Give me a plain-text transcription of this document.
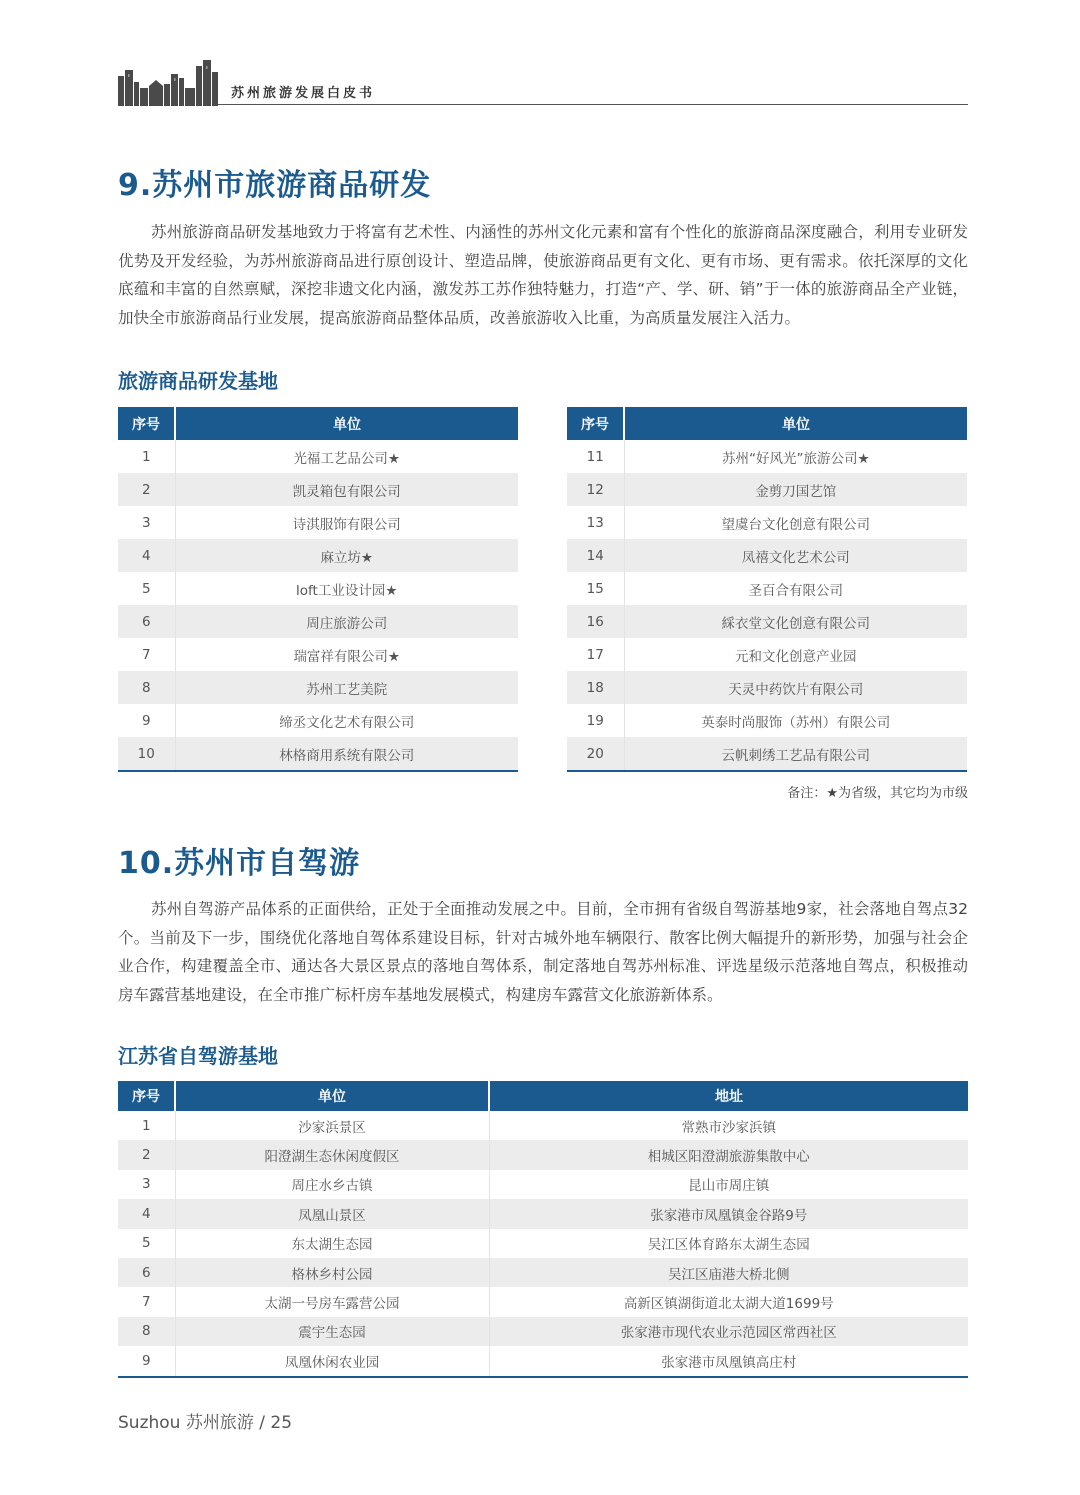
苏州旅游发展白皮书
9.苏州市旅游商品研发

苏州旅游商品研发基地致力于将富有艺术性、内涵性的苏州文化元素和富有个性化的旅游商品深度融合，利用专业研发优势及开发经验，为苏州旅游商品进行原创设计、塑造品牌，使旅游商品更有文化、更有市场、更有需求。依托深厚的文化底蕴和丰富的自然禀赋，深挖非遗文化内涵，激发苏工苏作独特魅力，打造“产、学、研、销”于一体的旅游商品全产业链，加快全市旅游商品行业发展，提高旅游商品整体品质，改善旅游收入比重，为高质量发展注入活力。

旅游商品研发基地
序号	单位
1	光福工艺品公司★
2	凯灵箱包有限公司
3	诗淇服饰有限公司
4	麻立坊★
5	loft工业设计园★
6	周庄旅游公司
7	瑞富祥有限公司★
8	苏州工艺美院
9	缔丞文化艺术有限公司
10	林格商用系统有限公司
序号	单位
11	苏州“好风光”旅游公司★
12	金剪刀国艺馆
13	望虞台文化创意有限公司
14	凤禧文化艺术公司
15	圣百合有限公司
16	綵衣堂文化创意有限公司
17	元和文化创意产业园
18	天灵中药饮片有限公司
19	英泰时尚服饰（苏州）有限公司
20	云帆刺绣工艺品有限公司
备注：★为省级，其它均为市级
10.苏州市自驾游

苏州自驾游产品体系的正面供给，正处于全面推动发展之中。目前，全市拥有省级自驾游基地9家，社会落地自驾点32个。当前及下一步，围绕优化落地自驾体系建设目标，针对古城外地车辆限行、散客比例大幅提升的新形势，加强与社会企业合作，构建覆盖全市、通达各大景区景点的落地自驾体系，制定落地自驾苏州标准、评选星级示范落地自驾点，积极推动房车露营基地建设，在全市推广标杆房车基地发展模式，构建房车露营文化旅游新体系。

江苏省自驾游基地
序号	单位	地址
1	沙家浜景区	常熟市沙家浜镇
2	阳澄湖生态休闲度假区	相城区阳澄湖旅游集散中心
3	周庄水乡古镇	昆山市周庄镇
4	凤凰山景区	张家港市凤凰镇金谷路9号
5	东太湖生态园	吴江区体育路东太湖生态园
6	格林乡村公园	吴江区庙港大桥北侧
7	太湖一号房车露营公园	高新区镇湖街道北太湖大道1699号
8	震宇生态园	张家港市现代农业示范园区常西社区
9	凤凰休闲农业园	张家港市凤凰镇高庄村
Suzhou 苏州旅游 / 25
